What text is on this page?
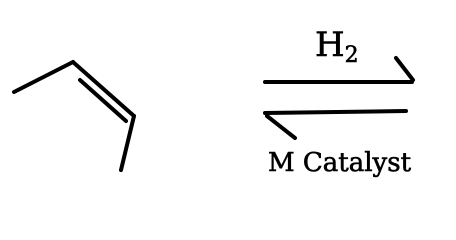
H2
M Catalyst
